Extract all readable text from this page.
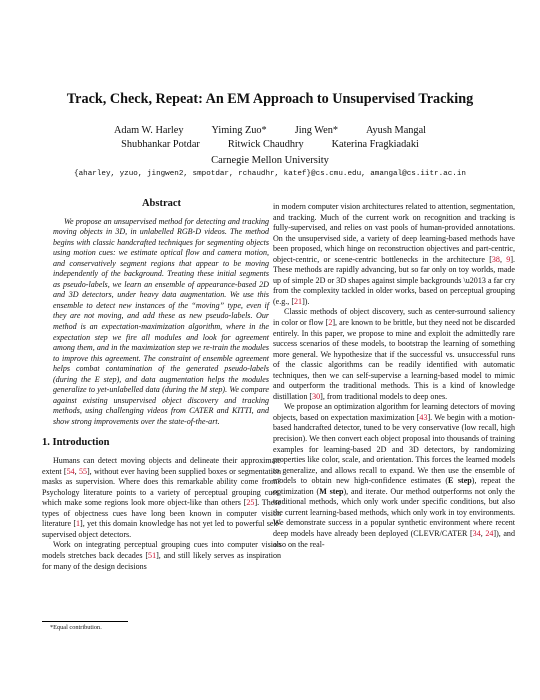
Track, Check, Repeat: An EM Approach to Unsupervised Tracking
Adam W. Harley	Yiming Zuo*	Jing Wen*	Ayush Mangal
Shubhankar Potdar	Ritwick Chaudhry	Katerina Fragkiadaki
Carnegie Mellon University
{aharley, yzuo, jingwen2, smpotdar, rchaudhr, katef}@cs.cmu.edu, amangal@cs.iitr.ac.in
Abstract

We propose an unsupervised method for detecting and tracking moving objects in 3D, in unlabelled RGB-D videos. The method begins with classic handcrafted techniques for segmenting objects using motion cues: we estimate optical flow and camera motion, and conservatively segment regions that appear to be moving independently of the background. Treating these initial segments as pseudo-labels, we learn an ensemble of appearance-based 2D and 3D detectors, under heavy data augmentation. We use this ensemble to detect new instances of the “moving” type, even if they are not moving, and add these as new pseudo-labels. Our method is an expectation-maximization algorithm, where in the expectation step we fire all modules and look for agreement among them, and in the maximization step we re-train the modules to improve this agreement. The constraint of ensemble agreement helps combat contamination of the generated pseudo-labels (during the E step), and data augmentation helps the modules generalize to yet-unlabelled data (during the M step). We compare against existing unsupervised object discovery and tracking methods, using challenging videos from CATER and KITTI, and show strong improvements over the state-of-the-art.

1. Introduction

Humans can detect moving objects and delineate their approximate extent [54, 55], without ever having been supplied boxes or segmentation masks as supervision. Where does this remarkable ability come from? Psychology literature points to a variety of perceptual grouping cues, which make some regions look more object-like than others [25]. These types of objectness cues have long been known in computer vision literature [1], yet this domain knowledge has not yet led to powerful self-supervised object detectors.

Work on integrating perceptual grouping cues into computer vision models stretches back decades [51], and still likely serves as inspiration for many of the design decisions

in modern computer vision architectures related to attention, segmentation, and tracking. Much of the current work on recognition and tracking is fully-supervised, and relies on vast pools of human-provided annotations. On the unsupervised side, a variety of deep learning-based methods have been proposed, which hinge on reconstruction objectives and part-centric, object-centric, or scene-centric bottlenecks in the architecture [38, 9]. These methods are rapidly advancing, but so far only on toy worlds, made up of simple 2D or 3D shapes against simple backgrounds \u2013 a far cry from the complexity tackled in older works, based on perceptual grouping (e.g., [21]).

Classic methods of object discovery, such as center-surround saliency in color or flow [2], are known to be brittle, but they need not be discarded entirely. In this paper, we propose to mine and exploit the admittedly rare success scenarios of these models, to bootstrap the learning of something more general. We hypothesize that if the successful vs. unsuccessful runs of the classic algorithms can be readily identified with automatic techniques, then we can self-supervise a learning-based model to mimic and outperform the traditional methods. This is a kind of knowledge distillation [30], from traditional models to deep ones.

We propose an optimization algorithm for learning detectors of moving objects, based on expectation maximization [43]. We begin with a motion-based handcrafted detector, tuned to be very conservative (low recall, high precision). We then convert each object proposal into thousands of training examples for learning-based 2D and 3D detectors, by randomizing properties like color, scale, and orientation. This forces the learned models to generalize, and allows recall to expand. We then use the ensemble of models to obtain new high-confidence estimates (E step), repeat the optimization (M step), and iterate. Our method outperforms not only the traditional methods, which only work under specific conditions, but also the current learning-based methods, which only work in toy environments. We demonstrate success in a popular synthetic environment where recent deep models have already been deployed (CLEVR/CATER [34, 24]), and also on the real-

*Equal contribution.
